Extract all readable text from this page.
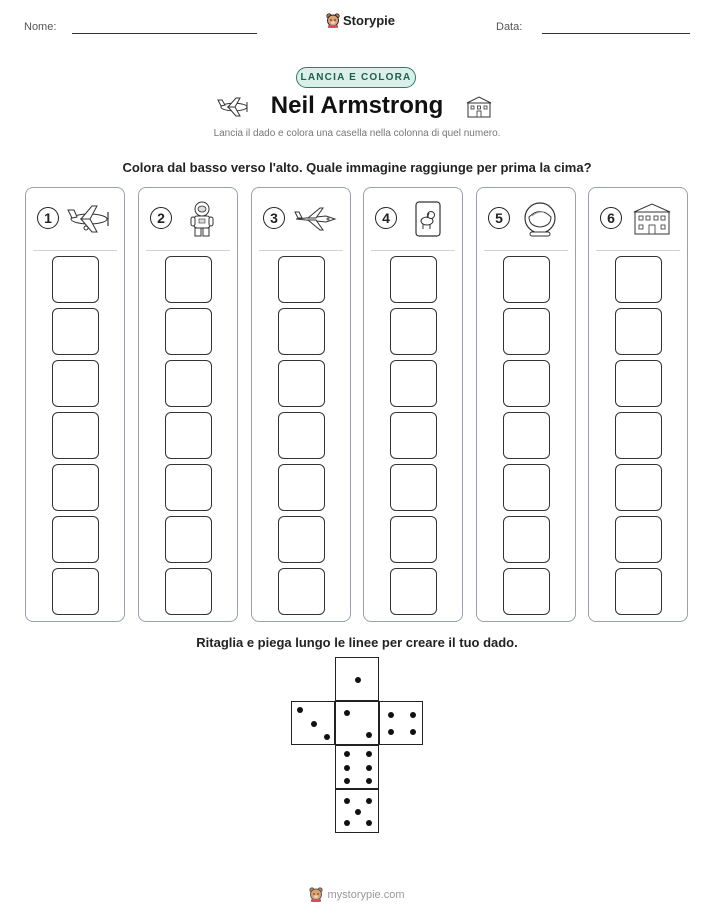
Nome:	Storypie	Data:
LANCIA E COLORA
Neil Armstrong
Lancia il dado e colora una casella nella colonna di quel numero.
Colora dal basso verso l'alto. Quale immagine raggiunge per prima la cima?
1	2	3	4	5	6
Ritaglia e piega lungo le linee per creare il tuo dado.
mystorypie.com
